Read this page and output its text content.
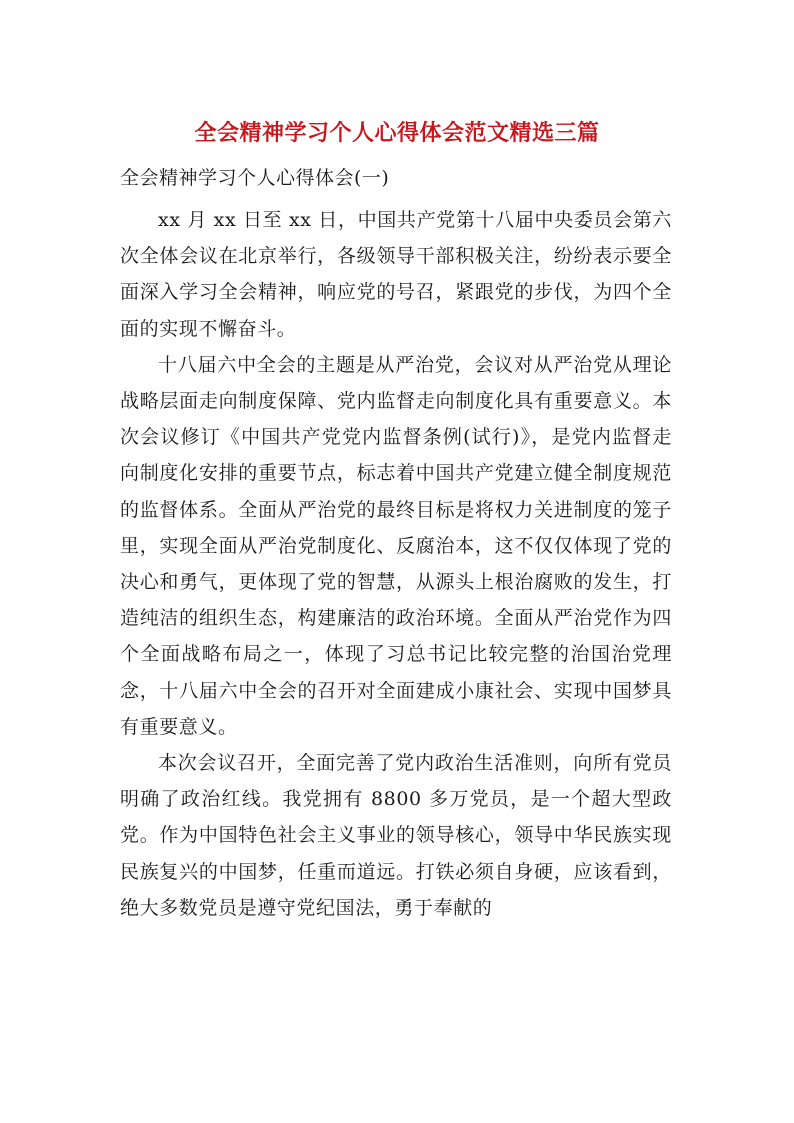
全会精神学习个人心得体会范文精选三篇
全会精神学习个人心得体会(一)

xx 月 xx 日至 xx 日，中国共产党第十八届中央委员会第六次全体会议在北京举行，各级领导干部积极关注，纷纷表示要全面深入学习全会精神，响应党的号召，紧跟党的步伐，为四个全面的实现不懈奋斗。

十八届六中全会的主题是从严治党，会议对从严治党从理论战略层面走向制度保障、党内监督走向制度化具有重要意义。本次会议修订《中国共产党党内监督条例(试行)》，是党内监督走向制度化安排的重要节点，标志着中国共产党建立健全制度规范的监督体系。全面从严治党的最终目标是将权力关进制度的笼子里，实现全面从严治党制度化、反腐治本，这不仅仅体现了党的决心和勇气，更体现了党的智慧，从源头上根治腐败的发生，打造纯洁的组织生态，构建廉洁的政治环境。全面从严治党作为四个全面战略布局之一，体现了习总书记比较完整的治国治党理念，十八届六中全会的召开对全面建成小康社会、实现中国梦具有重要意义。

本次会议召开，全面完善了党内政治生活准则，向所有党员明确了政治红线。我党拥有 8800 多万党员，是一个超大型政党。作为中国特色社会主义事业的领导核心，领导中华民族实现民族复兴的中国梦，任重而道远。打铁必须自身硬，应该看到，绝大多数党员是遵守党纪国法，勇于奉献的
